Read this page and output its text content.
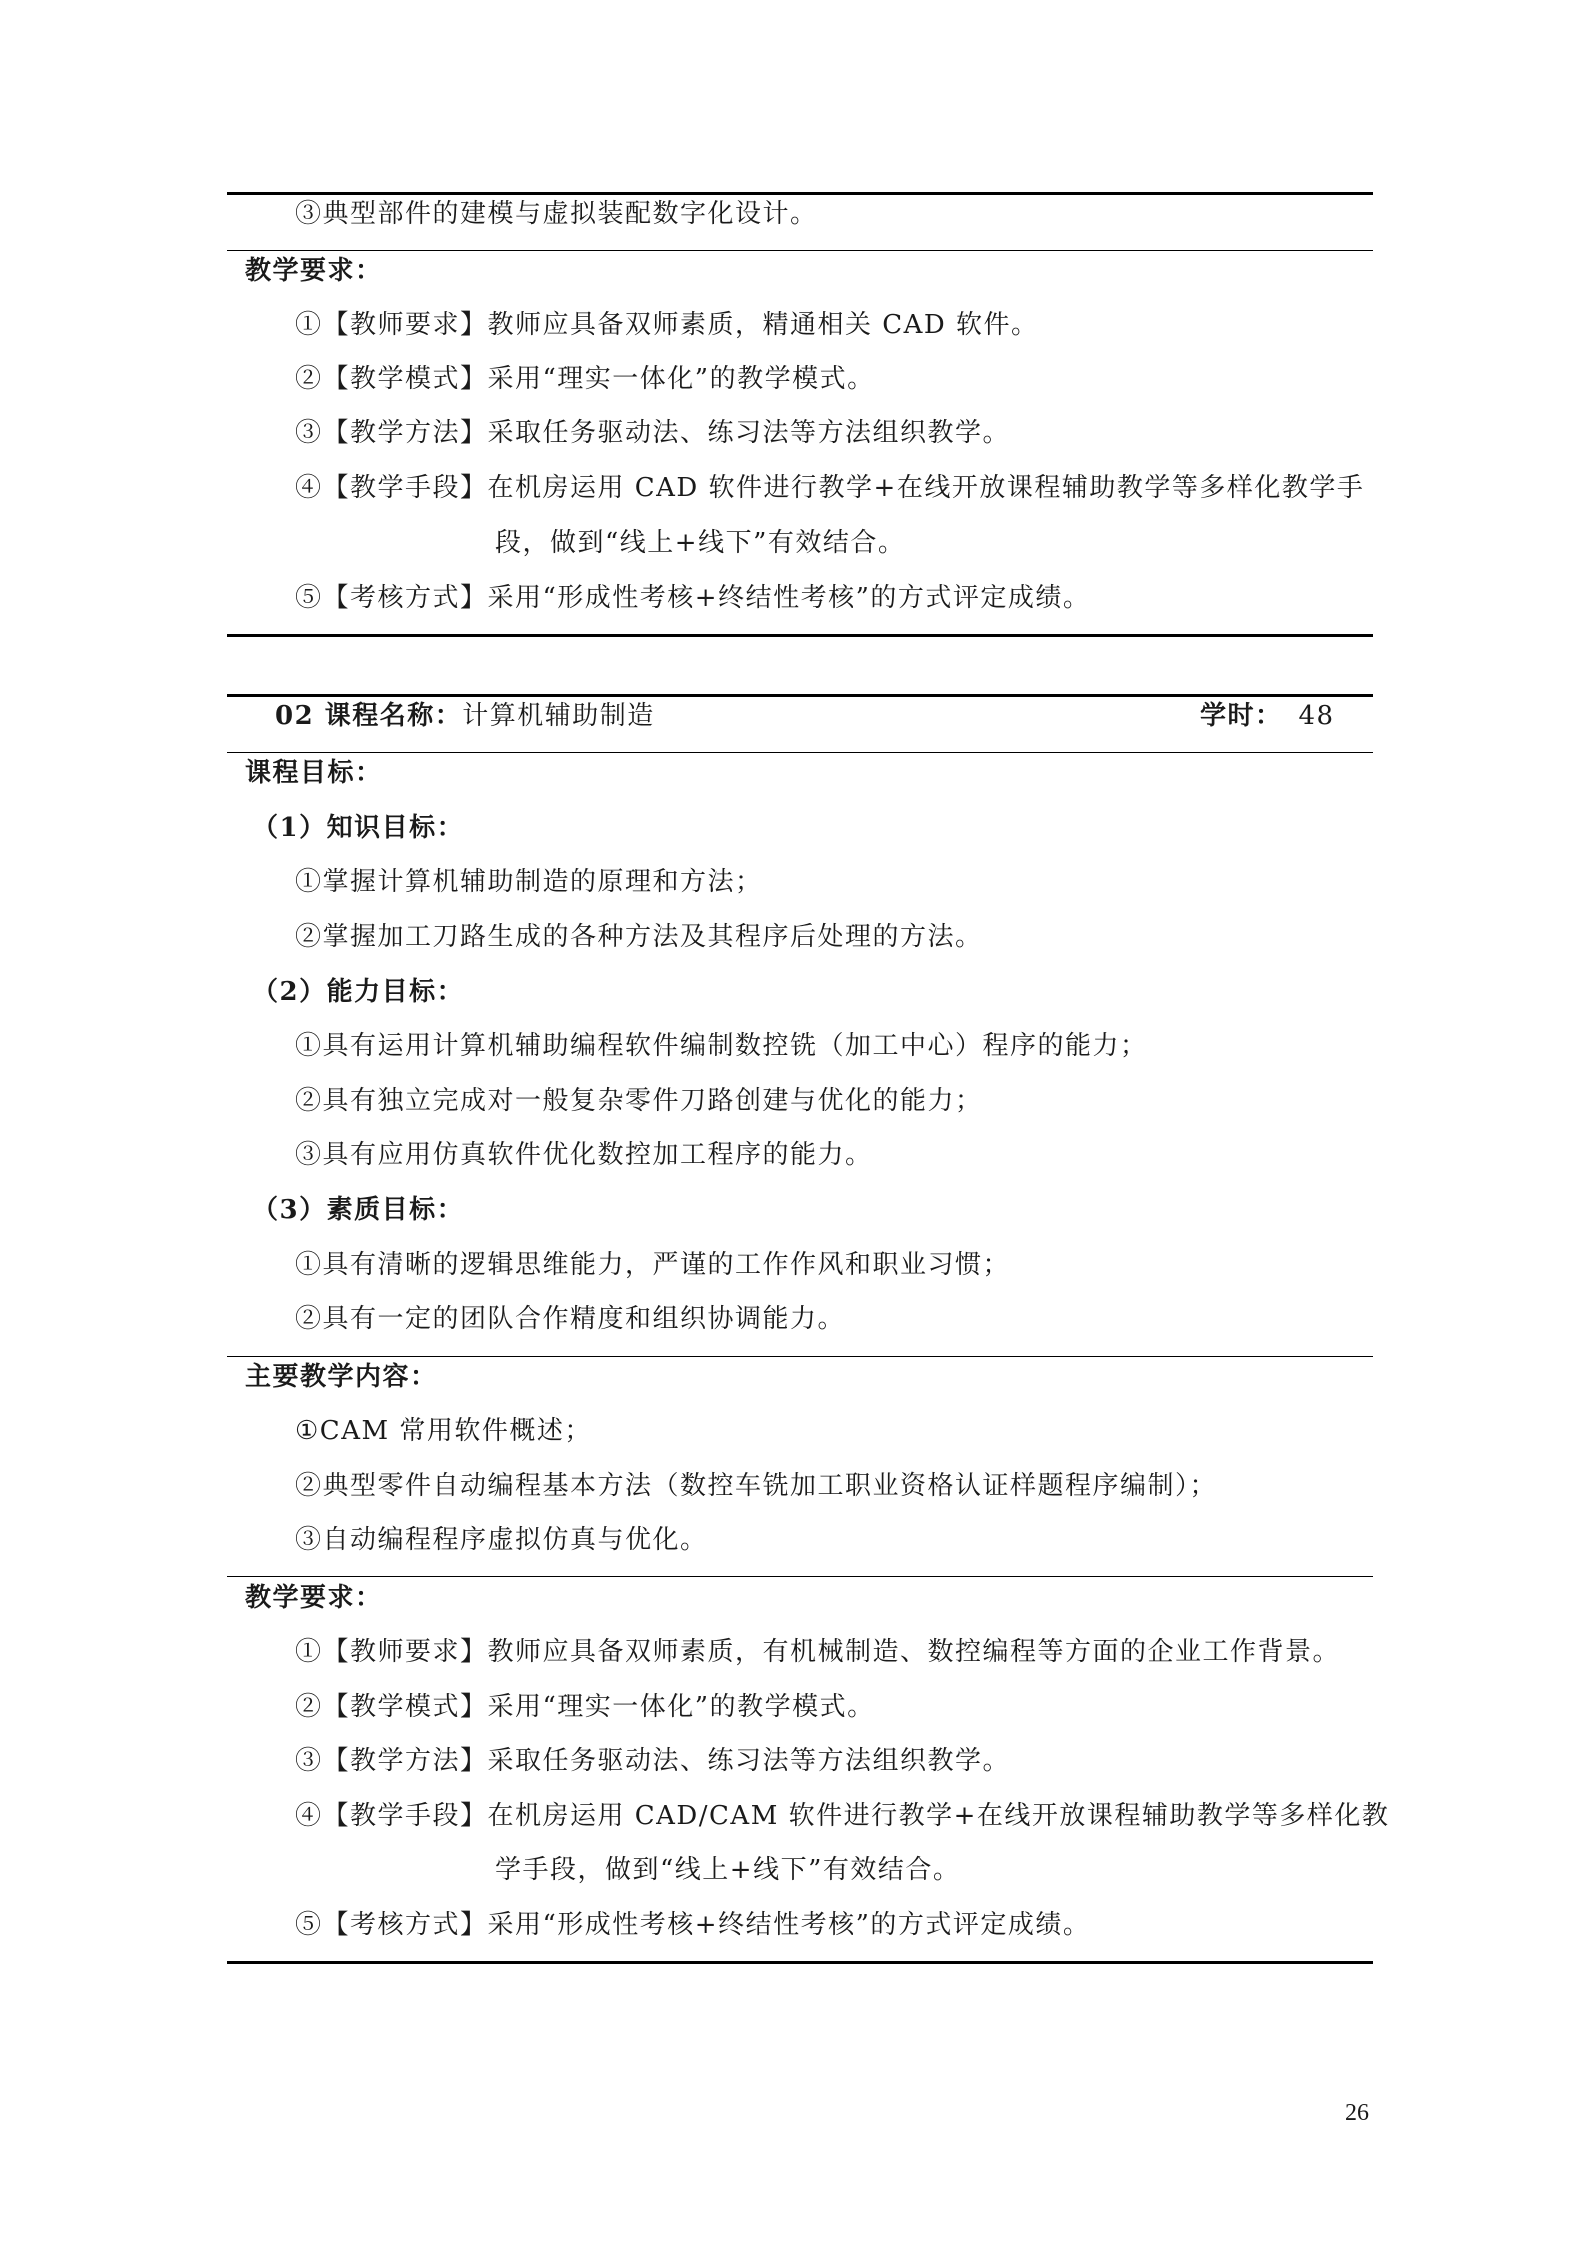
③典型部件的建模与虚拟装配数字化设计。
教学要求：
①【教师要求】教师应具备双师素质，精通相关 CAD 软件。
②【教学模式】采用“理实一体化”的教学模式。
③【教学方法】采取任务驱动法、练习法等方法组织教学。
④【教学手段】在机房运用 CAD 软件进行教学+在线开放课程辅助教学等多样化教学手
段，做到“线上+线下”有效结合。
⑤【考核方式】采用“形成性考核+终结性考核”的方式评定成绩。
02 课程名称：计算机辅助制造	学时： 48
课程目标：
（1）知识目标：
①掌握计算机辅助制造的原理和方法；
②掌握加工刀路生成的各种方法及其程序后处理的方法。
（2）能力目标：
①具有运用计算机辅助编程软件编制数控铣（加工中心）程序的能力；
②具有独立完成对一般复杂零件刀路创建与优化的能力；
③具有应用仿真软件优化数控加工程序的能力。
（3）素质目标：
①具有清晰的逻辑思维能力，严谨的工作作风和职业习惯；
②具有一定的团队合作精度和组织协调能力。
主要教学内容：
①CAM 常用软件概述；
②典型零件自动编程基本方法（数控车铣加工职业资格认证样题程序编制）；
③自动编程程序虚拟仿真与优化。
教学要求：
①【教师要求】教师应具备双师素质，有机械制造、数控编程等方面的企业工作背景。
②【教学模式】采用“理实一体化”的教学模式。
③【教学方法】采取任务驱动法、练习法等方法组织教学。
④【教学手段】在机房运用 CAD/CAM 软件进行教学+在线开放课程辅助教学等多样化教
学手段，做到“线上+线下”有效结合。
⑤【考核方式】采用“形成性考核+终结性考核”的方式评定成绩。
26
